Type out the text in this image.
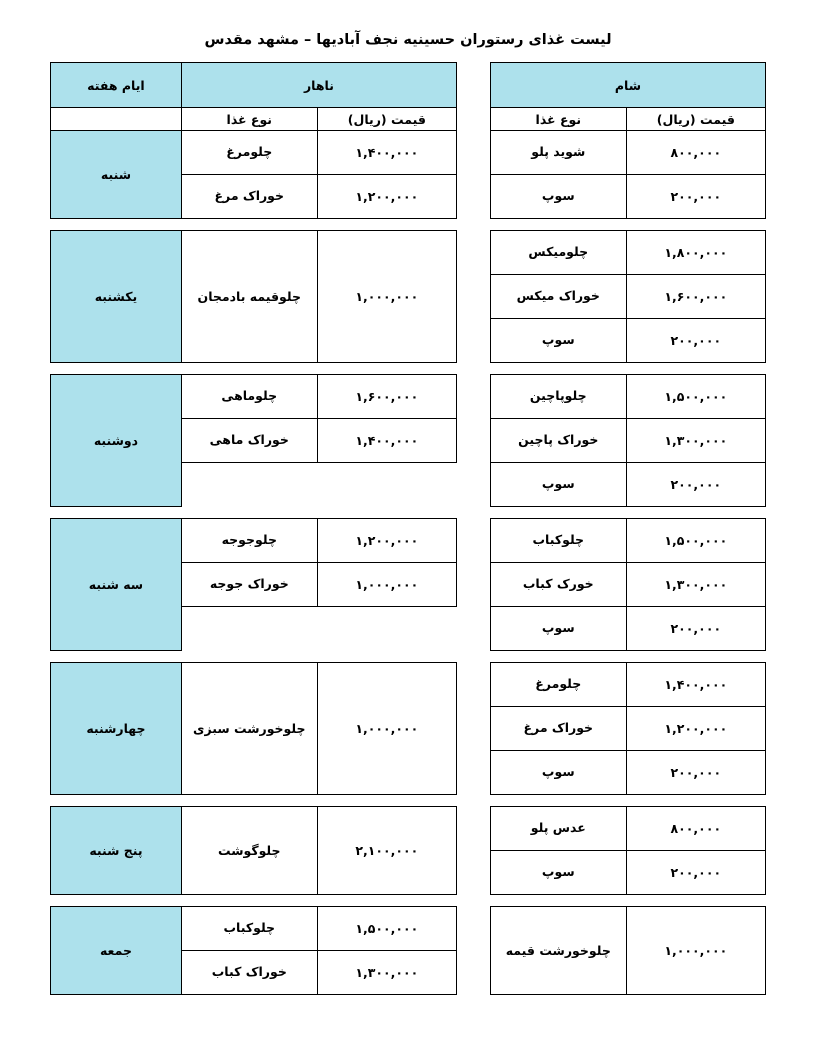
لیست غذای رستوران حسینیه نجف آبادیها – مشهد مقدس
شام			ناهار		ایام هفته
قیمت (ریال)	نوع غذا		قیمت (ریال)	نوع غذا	
۸۰۰,۰۰۰	شوید پلو		۱,۴۰۰,۰۰۰	چلومرغ	شنبه
۲۰۰,۰۰۰	سوپ		۱,۲۰۰,۰۰۰	خوراک مرغ	

۱,۸۰۰,۰۰۰	چلومیکس		۱,۰۰۰,۰۰۰	چلوقیمه بادمجان	یکشنبه
۱,۶۰۰,۰۰۰	خوراک میکس				
۲۰۰,۰۰۰	سوپ				

۱,۵۰۰,۰۰۰	چلوپاچین		۱,۶۰۰,۰۰۰	چلوماهی	دوشنبه
۱,۳۰۰,۰۰۰	خوراک پاچین		۱,۴۰۰,۰۰۰	خوراک ماهی	
۲۰۰,۰۰۰	سوپ				

۱,۵۰۰,۰۰۰	چلوکباب		۱,۲۰۰,۰۰۰	چلوجوجه	سه شنبه
۱,۳۰۰,۰۰۰	خورک کباب		۱,۰۰۰,۰۰۰	خوراک جوجه	
۲۰۰,۰۰۰	سوپ				

۱,۴۰۰,۰۰۰	چلومرغ		۱,۰۰۰,۰۰۰	چلوخورشت سبزی	چهارشنبه
۱,۲۰۰,۰۰۰	خوراک مرغ				
۲۰۰,۰۰۰	سوپ				

۸۰۰,۰۰۰	عدس پلو		۲,۱۰۰,۰۰۰	چلوگوشت	پنج شنبه
۲۰۰,۰۰۰	سوپ				

۱,۰۰۰,۰۰۰	چلوخورشت قیمه		۱,۵۰۰,۰۰۰	چلوکباب	جمعه
			۱,۳۰۰,۰۰۰	خوراک کباب	
